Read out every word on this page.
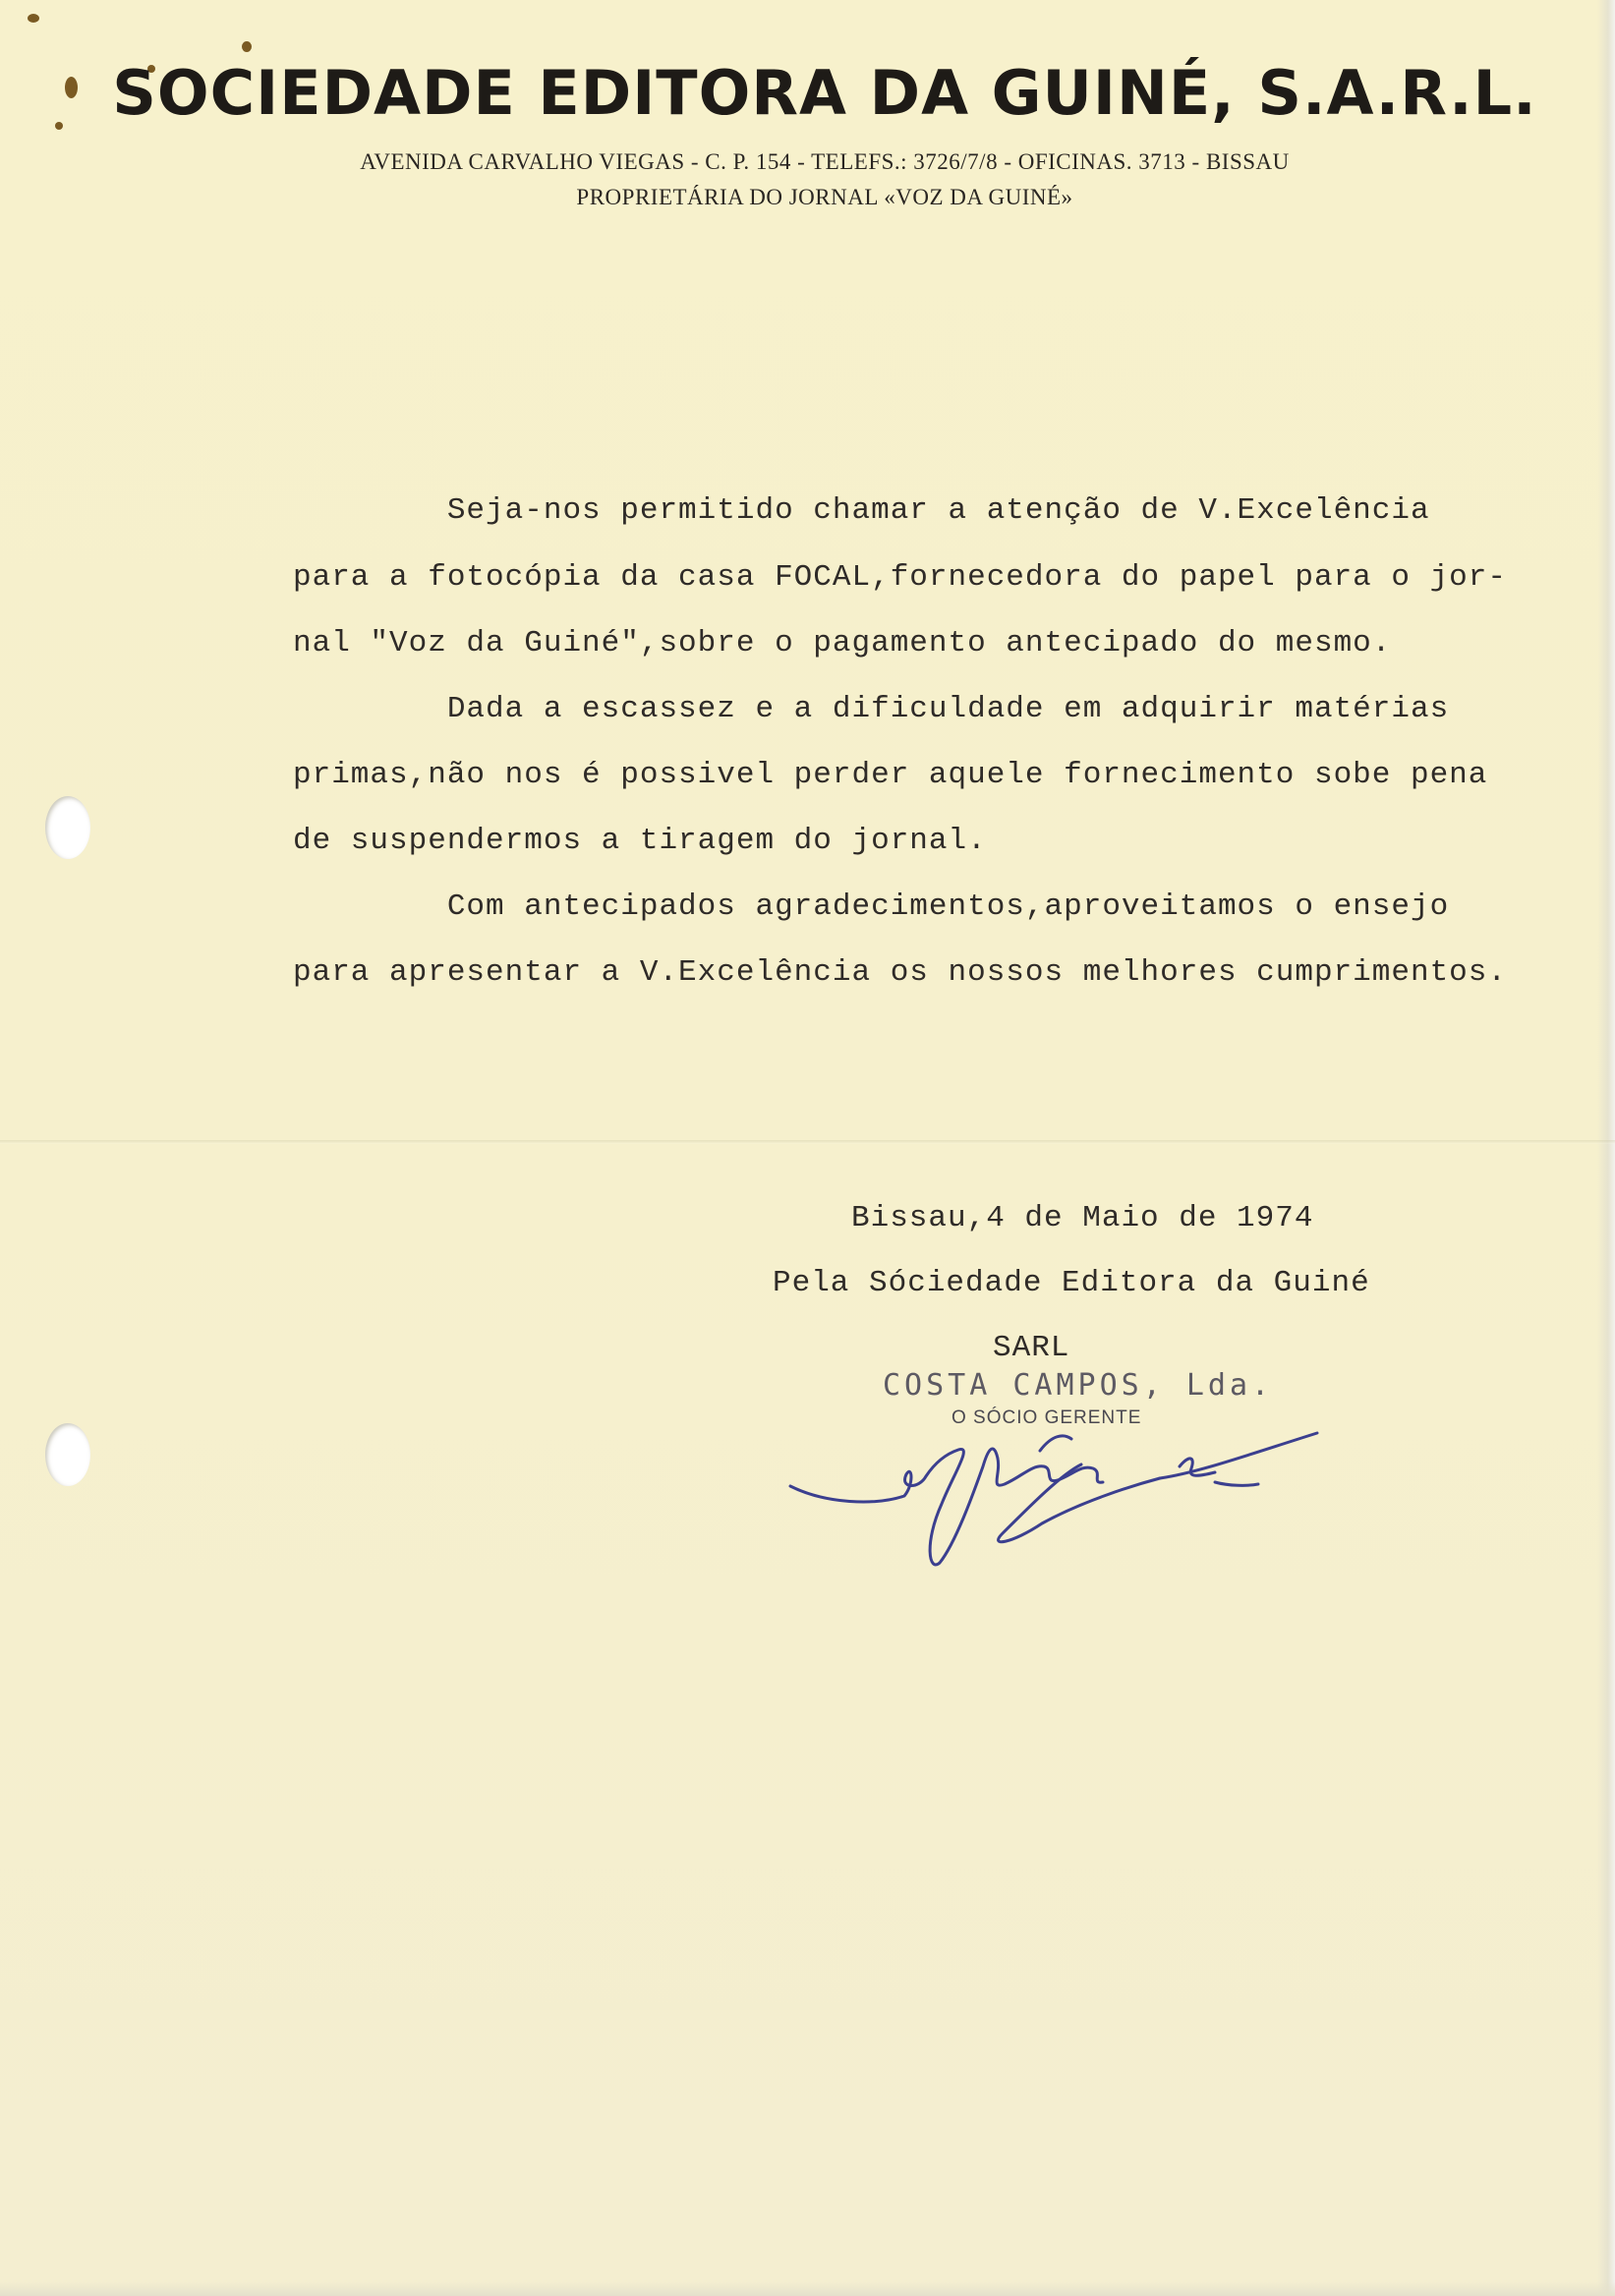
SOCIEDADE EDITORA DA GUINÉ, S.A.R.L.
AVENIDA CARVALHO VIEGAS - C. P. 154 - TELEFS.: 3726/7/8 - OFICINAS. 3713 - BISSAU
PROPRIETÁRIA DO JORNAL «VOZ DA GUINÉ»
Seja-nos permitido chamar a atenção de V.Excelência
para a fotocópia da casa FOCAL,fornecedora do papel para o jor-
nal "Voz da Guiné",sobre o pagamento antecipado do mesmo.
Dada a escassez e a dificuldade em adquirir matérias
primas,não nos é possivel perder aquele fornecimento sobe pena
de suspendermos a tiragem do jornal.
Com antecipados agradecimentos,aproveitamos o ensejo
para apresentar a V.Excelência os nossos melhores cumprimentos.
Bissau,4 de Maio de 1974
Pela Sóciedade Editora da Guiné
SARL
COSTA CAMPOS, Lda.
O SÓCIO GERENTE
